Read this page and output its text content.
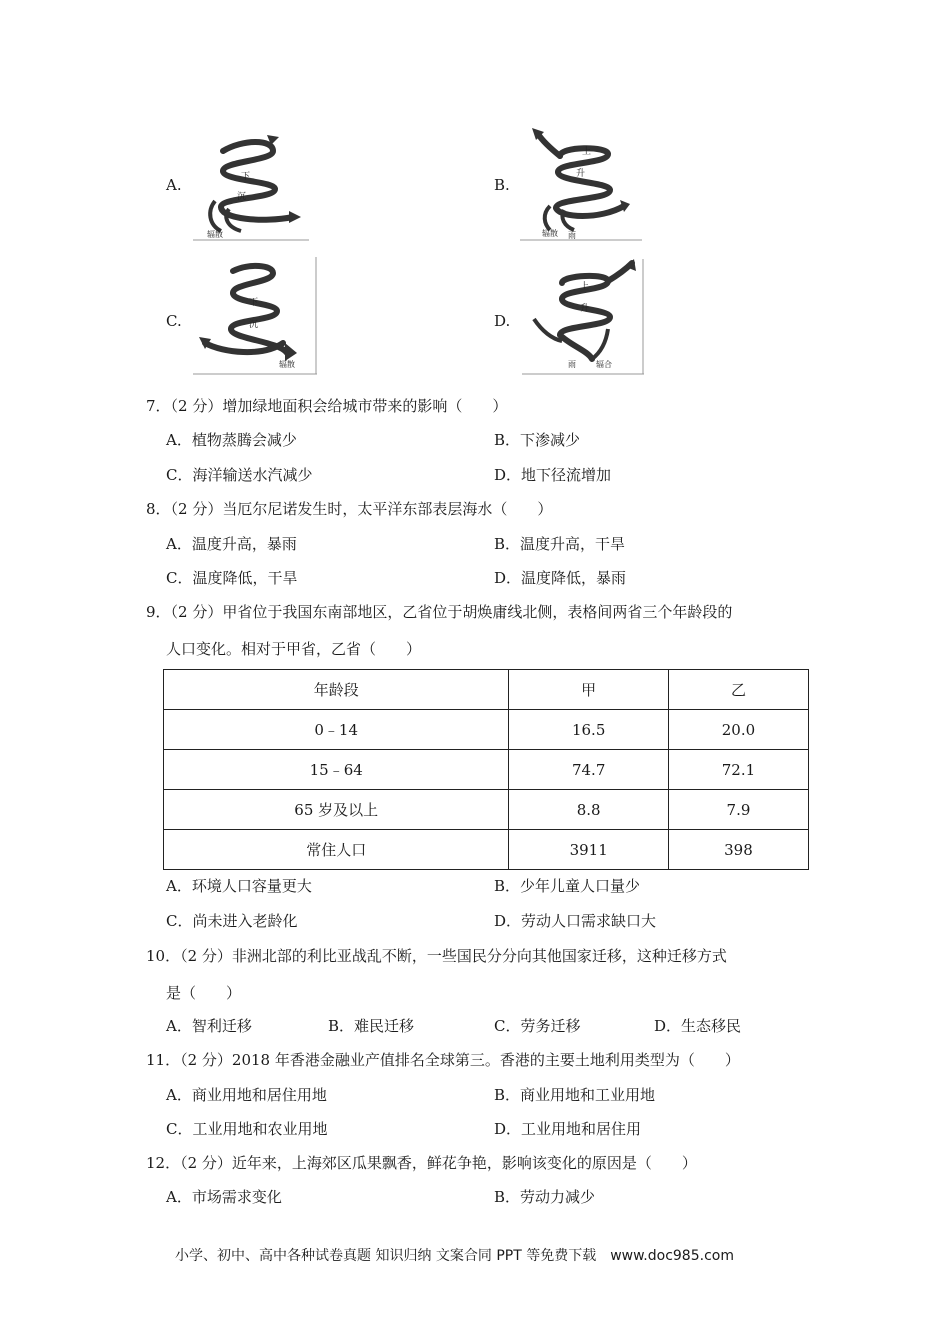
A.	下
沉
辐散
B.
上
升
辐散 雨
C.
下
沉
辐散
D.
上
升
雨	辐合
7．（2 分）增加绿地面积会给城市带来的影响（　　）
A．植物蒸腾会减少	B．下渗减少
C．海洋输送水汽减少	D．地下径流增加
8．（2 分）当厄尔尼诺发生时，太平洋东部表层海水（　　）
A．温度升高，暴雨	B．温度升高，干旱
C．温度降低，干旱	D．温度降低，暴雨
9．（2 分）甲省位于我国东南部地区，乙省位于胡焕庸线北侧，表格间两省三个年龄段的
人口变化。相对于甲省，乙省（　　）
年龄段	甲	乙
0﹣14	16.5	20.0
15﹣64	74.7	72.1
65 岁及以上	8.8	7.9
常住人口	3911	398
A．环境人口容量更大	B．少年儿童人口量少
C．尚未进入老龄化	D．劳动人口需求缺口大
10．（2 分）非洲北部的利比亚战乱不断，一些国民分分向其他国家迁移，这种迁移方式
是（　　）
A．智利迁移	B．难民迁移	C．劳务迁移	D．生态移民
11．（2 分）2018 年香港金融业产值排名全球第三。香港的主要土地利用类型为（　　）
A．商业用地和居住用地	B．商业用地和工业用地
C．工业用地和农业用地	D．工业用地和居住用
12．（2 分）近年来，上海郊区瓜果飘香，鲜花争艳，影响该变化的原因是（　　）
A．市场需求变化	B．劳动力减少
小学、初中、高中各种试卷真题 知识归纳 文案合同 PPT 等免费下载　www.doc985.com
